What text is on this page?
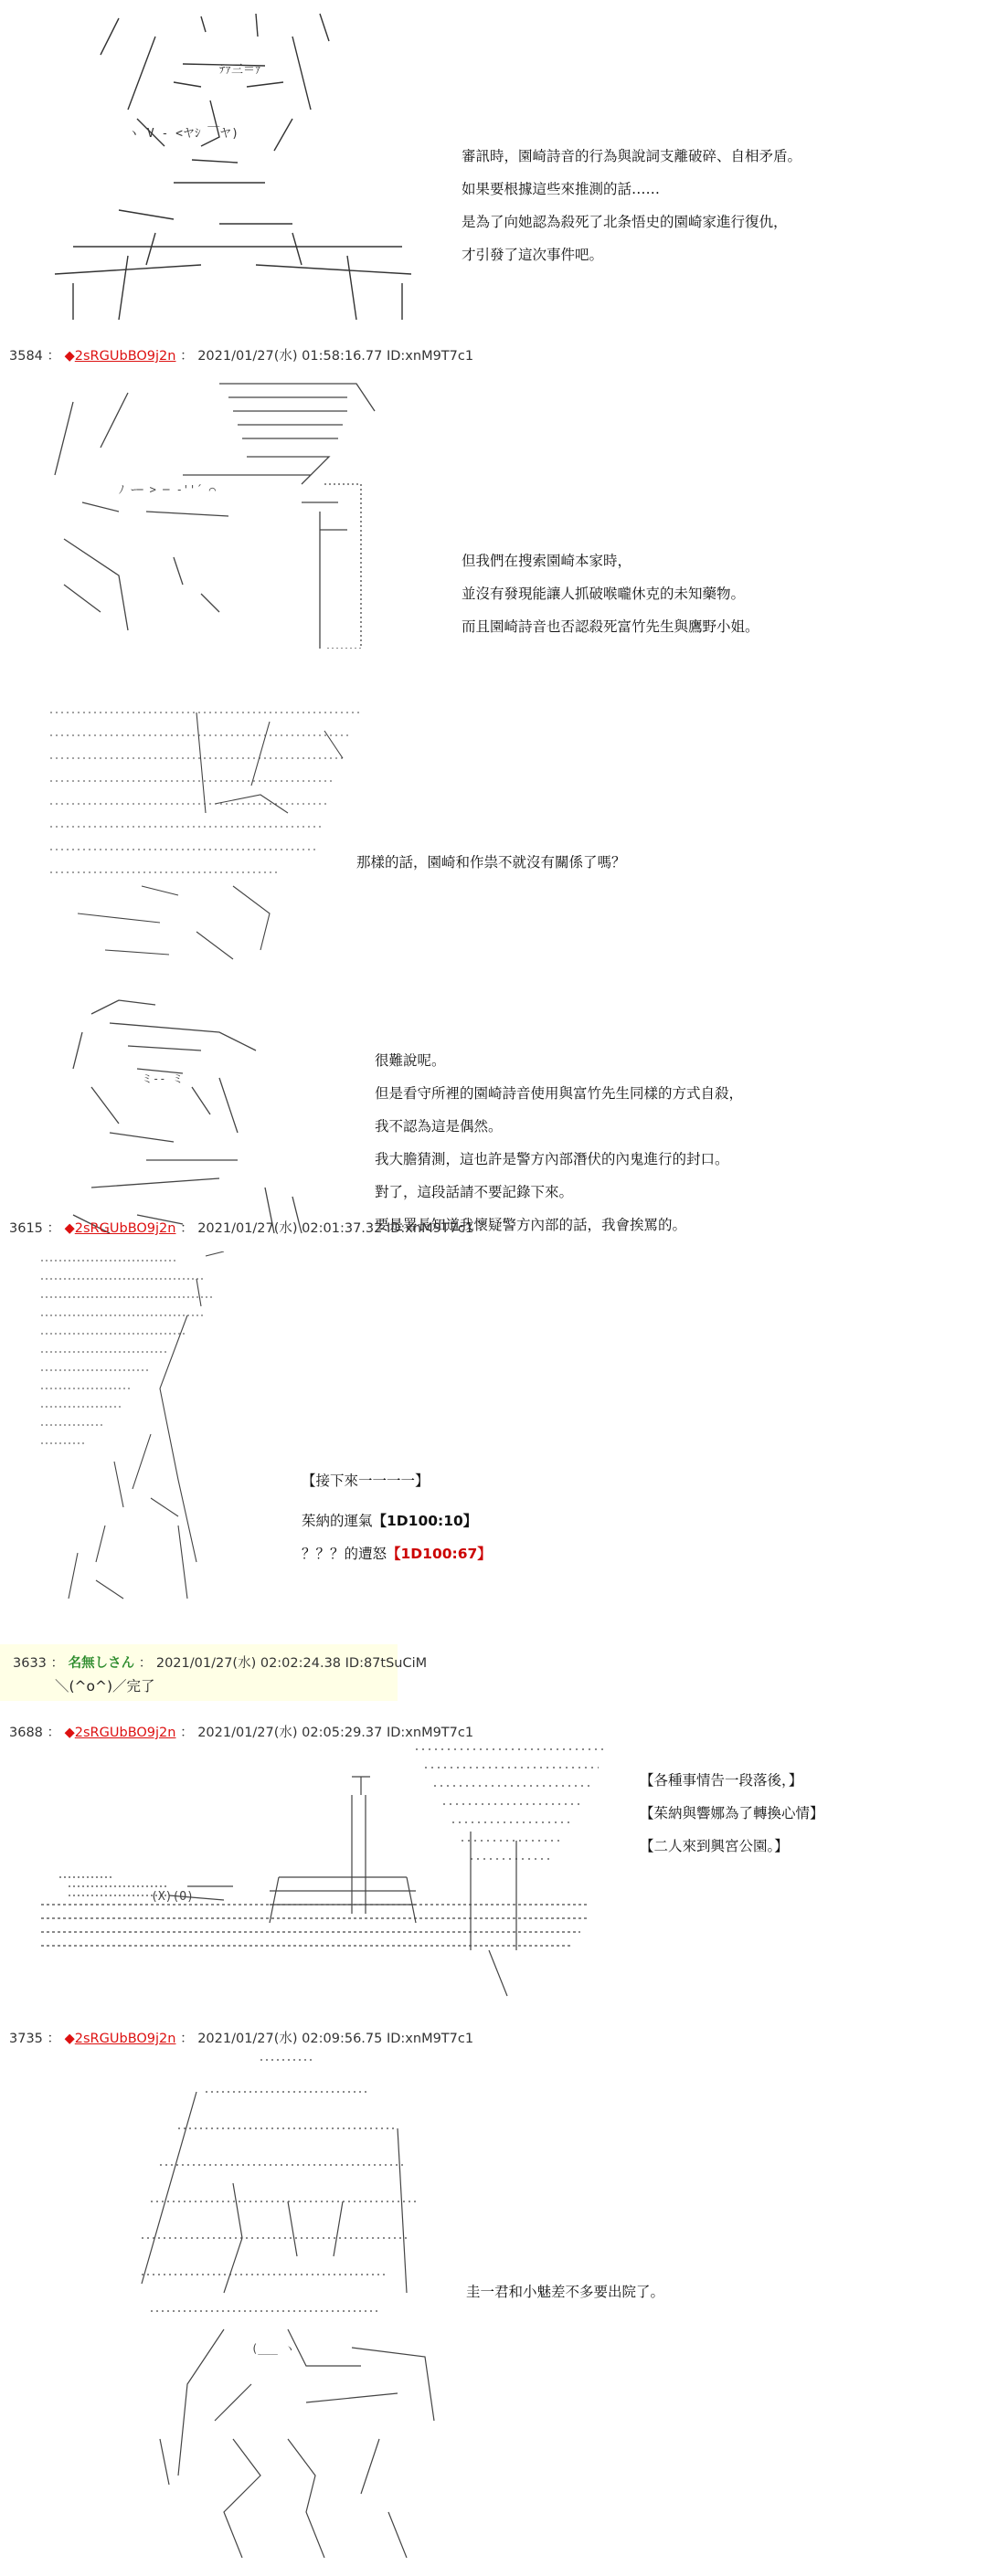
ﾃｧ三＝ｧ
ヽ V - <ヤｼ ￣ヤ)
審訊時，園崎詩音的行為與說詞支離破碎、自相矛盾。
如果要根據這些來推測的話……
是為了向她認為殺死了北条悟史的園崎家進行復仇，
才引發了這次事件吧。
3584 ： ◆2sRGUbBO9j2n ： 2021/01/27(水) 01:58:16.77 ID:xnM9T7c1
ﾉ ｰ─ > ─ ‐''´ ⌒
但我們在搜索園崎本家時，
並沒有發現能讓人抓破喉嚨休克的未知藥物。
而且園崎詩音也否認殺死富竹先生與鷹野小姐。
那樣的話，園崎和作祟不就沒有關係了嗎？
ミ‐‐ ミ
很難說呢。
但是看守所裡的園崎詩音使用與富竹先生同樣的方式自殺，
我不認為這是偶然。
我大膽猜測，這也許是警方內部潛伏的內鬼進行的封口。
對了，這段話請不要記錄下來。
要是署長知道我懷疑警方內部的話，我會挨罵的。
3615 ： ◆2sRGUbBO9j2n ： 2021/01/27(水) 02:01:37.32 ID:xnM9T7c1
【接下來一一一一】
茱納的運氣【1D100:10】
？？？的遭怒【1D100:67】
3633 ： 名無しさん ： 2021/01/27(水) 02:02:24.38 ID:87tSuCiM
＼(^o^)／完了
3688 ： ◆2sRGUbBO9j2n ： 2021/01/27(水) 02:05:29.37 ID:xnM9T7c1
(X)(O)
【各種事情告一段落後，】
【茱納與響娜為了轉換心情】
【二人來到興宮公園。】
3735 ： ◆2sRGUbBO9j2n ： 2021/01/27(水) 02:09:56.75 ID:xnM9T7c1
(___ ヽ
圭一君和小魅差不多要出院了。
